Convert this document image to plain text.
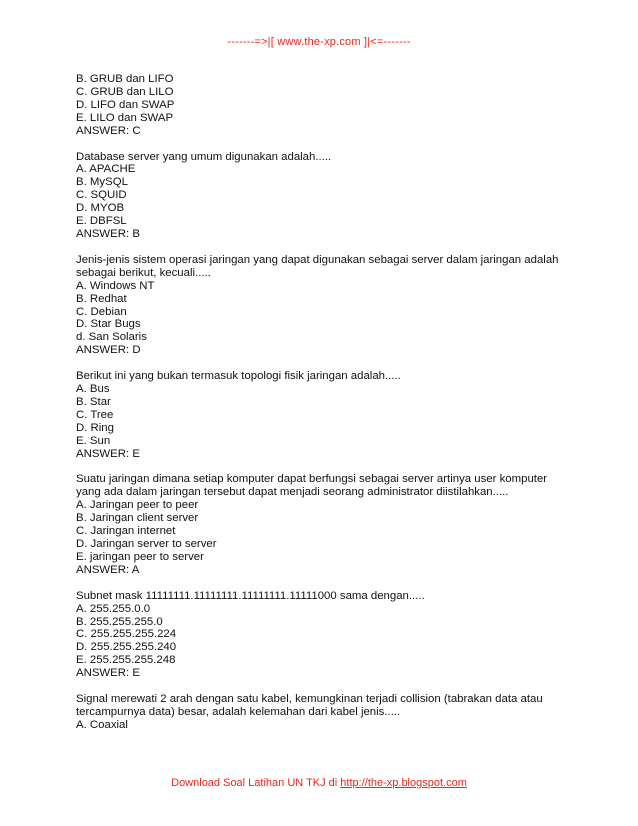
-------=>|[ www.the-xp.com ]|<=-------
B. GRUB dan LIFO
C. GRUB dan LILO
D. LIFO dan SWAP
E. LILO dan SWAP
ANSWER: C
Database server yang umum digunakan adalah.....
A. APACHE
B. MySQL
C. SQUID
D. MYOB
E. DBFSL
ANSWER: B
Jenis-jenis sistem operasi jaringan yang dapat digunakan sebagai server dalam jaringan adalah
sebagai berikut, kecuali.....
A. Windows NT
B. Redhat
C. Debian
D. Star Bugs
d. San Solaris
ANSWER: D
Berikut ini yang bukan termasuk topologi fisik jaringan adalah.....
A. Bus
B. Star
C. Tree
D. Ring
E. Sun
ANSWER: E
Suatu jaringan dimana setiap komputer dapat berfungsi sebagai server artinya user komputer
yang ada dalam jaringan tersebut dapat menjadi seorang administrator diistilahkan.....
A. Jaringan peer to peer
B. Jaringan client server
C. Jaringan internet
D. Jaringan server to server
E. jaringan peer to server
ANSWER: A
Subnet mask 11111111.11111111.11111111.11111000 sama dengan.....
A. 255.255.0.0
B. 255.255.255.0
C. 255.255.255.224
D. 255.255.255.240
E. 255.255.255.248
ANSWER: E
Signal merewati 2 arah dengan satu kabel, kemungkinan terjadi collision (tabrakan data atau
tercampurnya data) besar, adalah kelemahan dari kabel jenis.....
A. Coaxial
Download Soal Latihan UN TKJ di http://the-xp.blogspot.com
